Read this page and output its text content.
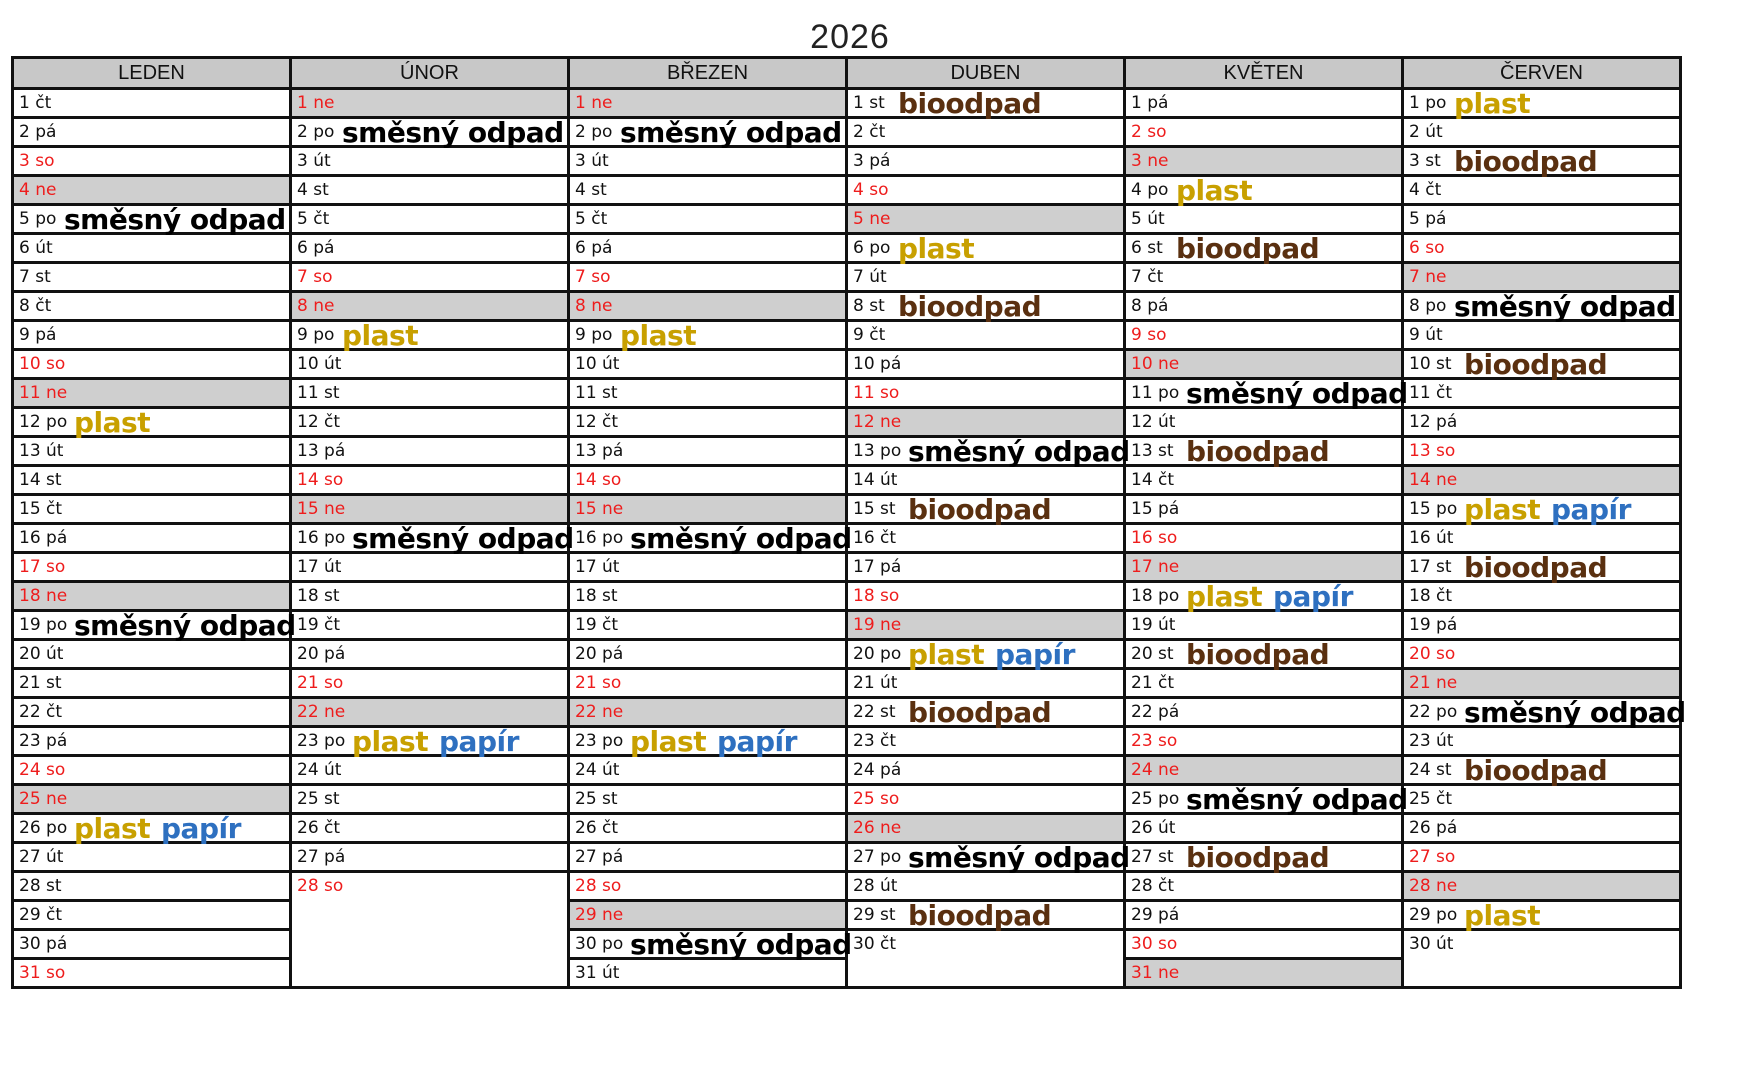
2026
LEDEN
1 čt
2 pá
3 so
4 ne
5 po směsný odpad
6 út
7 st
8 čt
9 pá
10 so
11 ne
12 po plast
13 út
14 st
15 čt
16 pá
17 so
18 ne
19 po směsný odpad
20 út
21 st
22 čt
23 pá
24 so
25 ne
26 po plast papír
27 út
28 st
29 čt
30 pá
31 so
ÚNOR
1 ne
2 po směsný odpad
3 út
4 st
5 čt
6 pá
7 so
8 ne
9 po plast
10 út
11 st
12 čt
13 pá
14 so
15 ne
16 po směsný odpad
17 út
18 st
19 čt
20 pá
21 so
22 ne
23 po plast papír
24 út
25 st
26 čt
27 pá
28 so
BŘEZEN
1 ne
2 po směsný odpad
3 út
4 st
5 čt
6 pá
7 so
8 ne
9 po plast
10 út
11 st
12 čt
13 pá
14 so
15 ne
16 po směsný odpad
17 út
18 st
19 čt
20 pá
21 so
22 ne
23 po plast papír
24 út
25 st
26 čt
27 pá
28 so
29 ne
30 po směsný odpad
31 út
DUBEN
1 st bioodpad
2 čt
3 pá
4 so
5 ne
6 po plast
7 út
8 st bioodpad
9 čt
10 pá
11 so
12 ne
13 po směsný odpad
14 út
15 st bioodpad
16 čt
17 pá
18 so
19 ne
20 po plast papír
21 út
22 st bioodpad
23 čt
24 pá
25 so
26 ne
27 po směsný odpad
28 út
29 st bioodpad
30 čt
KVĚTEN
1 pá
2 so
3 ne
4 po plast
5 út
6 st bioodpad
7 čt
8 pá
9 so
10 ne
11 po směsný odpad
12 út
13 st bioodpad
14 čt
15 pá
16 so
17 ne
18 po plast papír
19 út
20 st bioodpad
21 čt
22 pá
23 so
24 ne
25 po směsný odpad
26 út
27 st bioodpad
28 čt
29 pá
30 so
31 ne
ČERVEN
1 po plast
2 út
3 st bioodpad
4 čt
5 pá
6 so
7 ne
8 po směsný odpad
9 út
10 st bioodpad
11 čt
12 pá
13 so
14 ne
15 po plast papír
16 út
17 st bioodpad
18 čt
19 pá
20 so
21 ne
22 po směsný odpad
23 út
24 st bioodpad
25 čt
26 pá
27 so
28 ne
29 po plast
30 út
